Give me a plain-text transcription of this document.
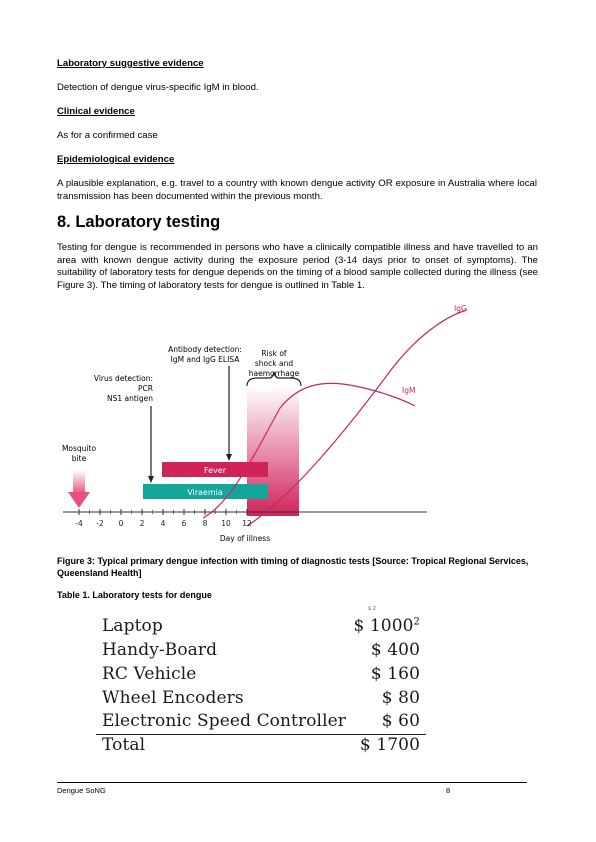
Laboratory suggestive evidence
Detection of dengue virus-specific IgM in blood.
Clinical evidence
As for a confirmed case
Epidemiological evidence
A plausible explanation, e.g. travel to a country with known dengue activity OR exposure in Australia where local transmission has been documented within the previous month.
8. Laboratory testing
Testing for dengue is recommended in persons who have a clinically compatible illness and have travelled to an area with known dengue activity during the exposure period (3-14 days prior to onset of symptoms). The suitability of laboratory tests for dengue depends on the timing of a blood sample collected during the illness (see Figure 3). The timing of laboratory tests for dengue is outlined in Table 1.
Fever
Viraemia
-4 -2 0 2 4 6 8 10 12
Antibody detection:
IgM and IgG ELISA
Risk of
shock and
haemorrhage
Virus detection:
PCR
NS1 antigen
Mosquito
bite
IgG
IgM
Day of illness
Figure 3: Typical primary dengue infection with timing of diagnostic tests [Source: Tropical Regional Services, Queensland Health]
Table 1. Laboratory tests for dengue
$ 2
Laptop	$ 1000$^2$
Handy-Board	$ 400
RC Vehicle	$ 160
Wheel Encoders	$ 80
Electronic Speed Controller $ 60
Total	$ 1700
Dengue SoNG	8
